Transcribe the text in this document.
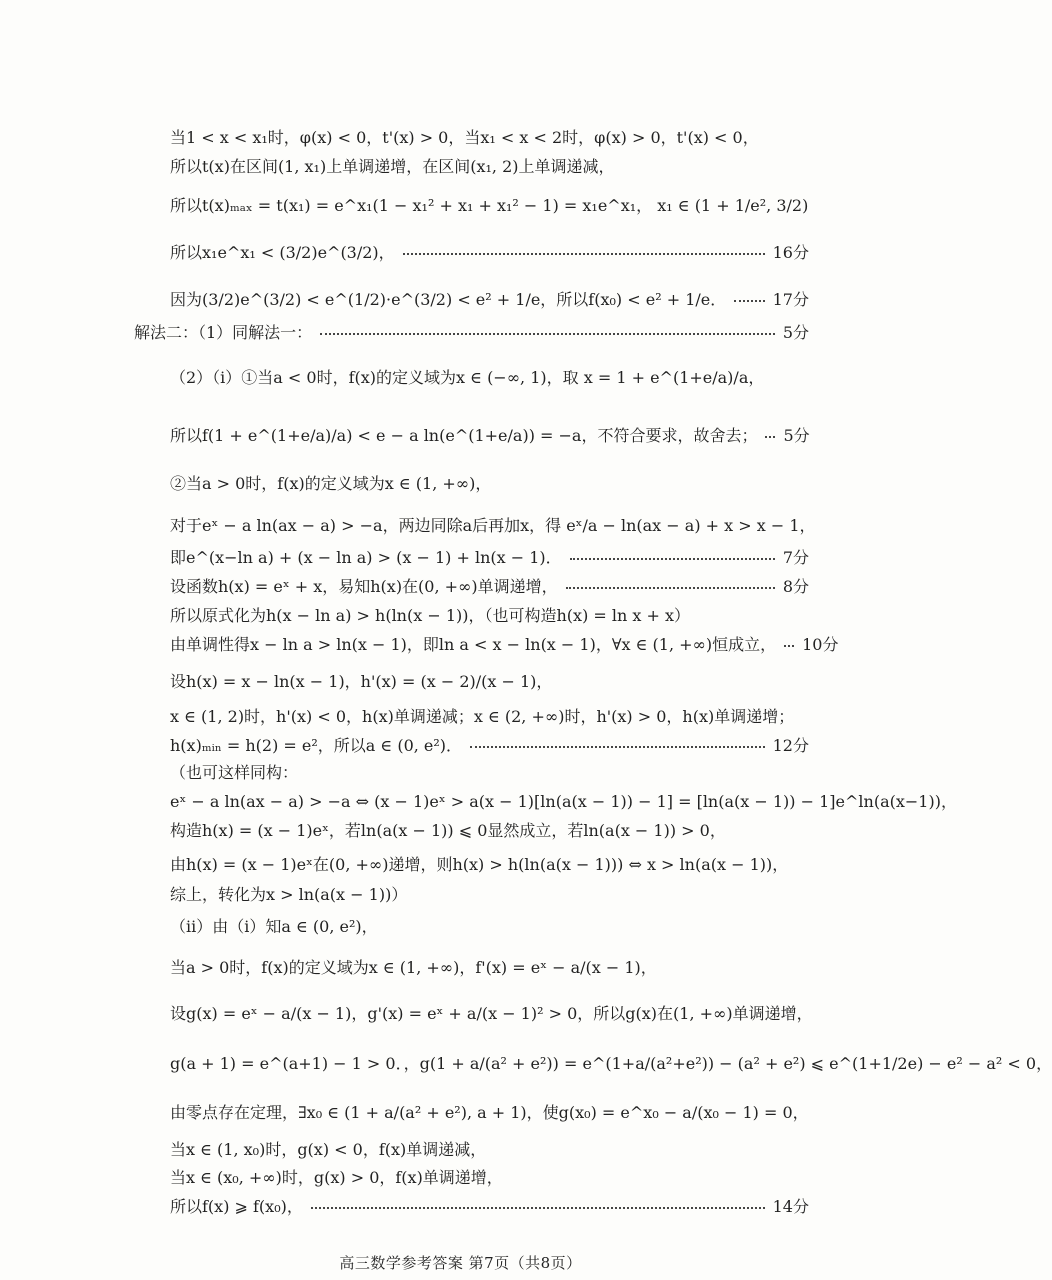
当1 < x < x₁时，φ(x) < 0，t'(x) > 0，当x₁ < x < 2时，φ(x) > 0，t'(x) < 0，
所以t(x)在区间(1, x₁)上单调递增，在区间(x₁, 2)上单调递减，
所以t(x)ₘₐₓ = t(x₁) = e^x₁(1 − x₁² + x₁ + x₁² − 1) = x₁e^x₁， x₁ ∈ (1 + 1/e², 3/2)
所以x₁e^x₁ < (3/2)e^(3/2)，	16分
因为(3/2)e^(3/2) < e^(1/2)·e^(3/2) < e² + 1/e，所以f(x₀) < e² + 1/e．	17分
解法二：（1）同解法一：	5分
（2）（i）①当a < 0时，f(x)的定义域为x ∈ (−∞, 1)，取 x = 1 + e^(1+e/a)/a，
所以f(1 + e^(1+e/a)/a) < e − a ln(e^(1+e/a)) = −a，不符合要求，故舍去； 5分
②当a > 0时，f(x)的定义域为x ∈ (1, +∞)，
对于eˣ − a ln(ax − a) > −a，两边同除a后再加x，得 eˣ/a − ln(ax − a) + x > x − 1，
即e^(x−ln a) + (x − ln a) > (x − 1) + ln(x − 1)．	7分
设函数h(x) = eˣ + x，易知h(x)在(0, +∞)单调递增，	8分
所以原式化为h(x − ln a) > h(ln(x − 1))，（也可构造h(x) = ln x + x）
由单调性得x − ln a > ln(x − 1)，即ln a < x − ln(x − 1)，∀x ∈ (1, +∞)恒成立， 10分
设h(x) = x − ln(x − 1)，h'(x) = (x − 2)/(x − 1)，
x ∈ (1, 2)时，h'(x) < 0，h(x)单调递减；x ∈ (2, +∞)时，h'(x) > 0，h(x)单调递增；
h(x)ₘᵢₙ = h(2) = e²，所以a ∈ (0, e²)．	12分
（也可这样同构：
eˣ − a ln(ax − a) > −a ⇔ (x − 1)eˣ > a(x − 1)[ln(a(x − 1)) − 1] = [ln(a(x − 1)) − 1]e^ln(a(x−1))，
构造h(x) = (x − 1)eˣ，若ln(a(x − 1)) ⩽ 0显然成立，若ln(a(x − 1)) > 0，
由h(x) = (x − 1)eˣ在(0, +∞)递增，则h(x) > h(ln(a(x − 1))) ⇔ x > ln(a(x − 1))，
综上，转化为x > ln(a(x − 1))）
（ii）由（i）知a ∈ (0, e²)，
当a > 0时，f(x)的定义域为x ∈ (1, +∞)，f'(x) = eˣ − a/(x − 1)，
设g(x) = eˣ − a/(x − 1)，g'(x) = eˣ + a/(x − 1)² > 0，所以g(x)在(1, +∞)单调递增，
g(a + 1) = e^(a+1) − 1 > 0．，g(1 + a/(a² + e²)) = e^(1+a/(a²+e²)) − (a² + e²) ⩽ e^(1+1/2e) − e² − a² < 0，
由零点存在定理，∃x₀ ∈ (1 + a/(a² + e²), a + 1)，使g(x₀) = e^x₀ − a/(x₀ − 1) = 0，
当x ∈ (1, x₀)时，g(x) < 0，f(x)单调递减，
当x ∈ (x₀, +∞)时，g(x) > 0，f(x)单调递增，
所以f(x) ⩾ f(x₀)，	14分
高三数学参考答案 第7页（共8页）
